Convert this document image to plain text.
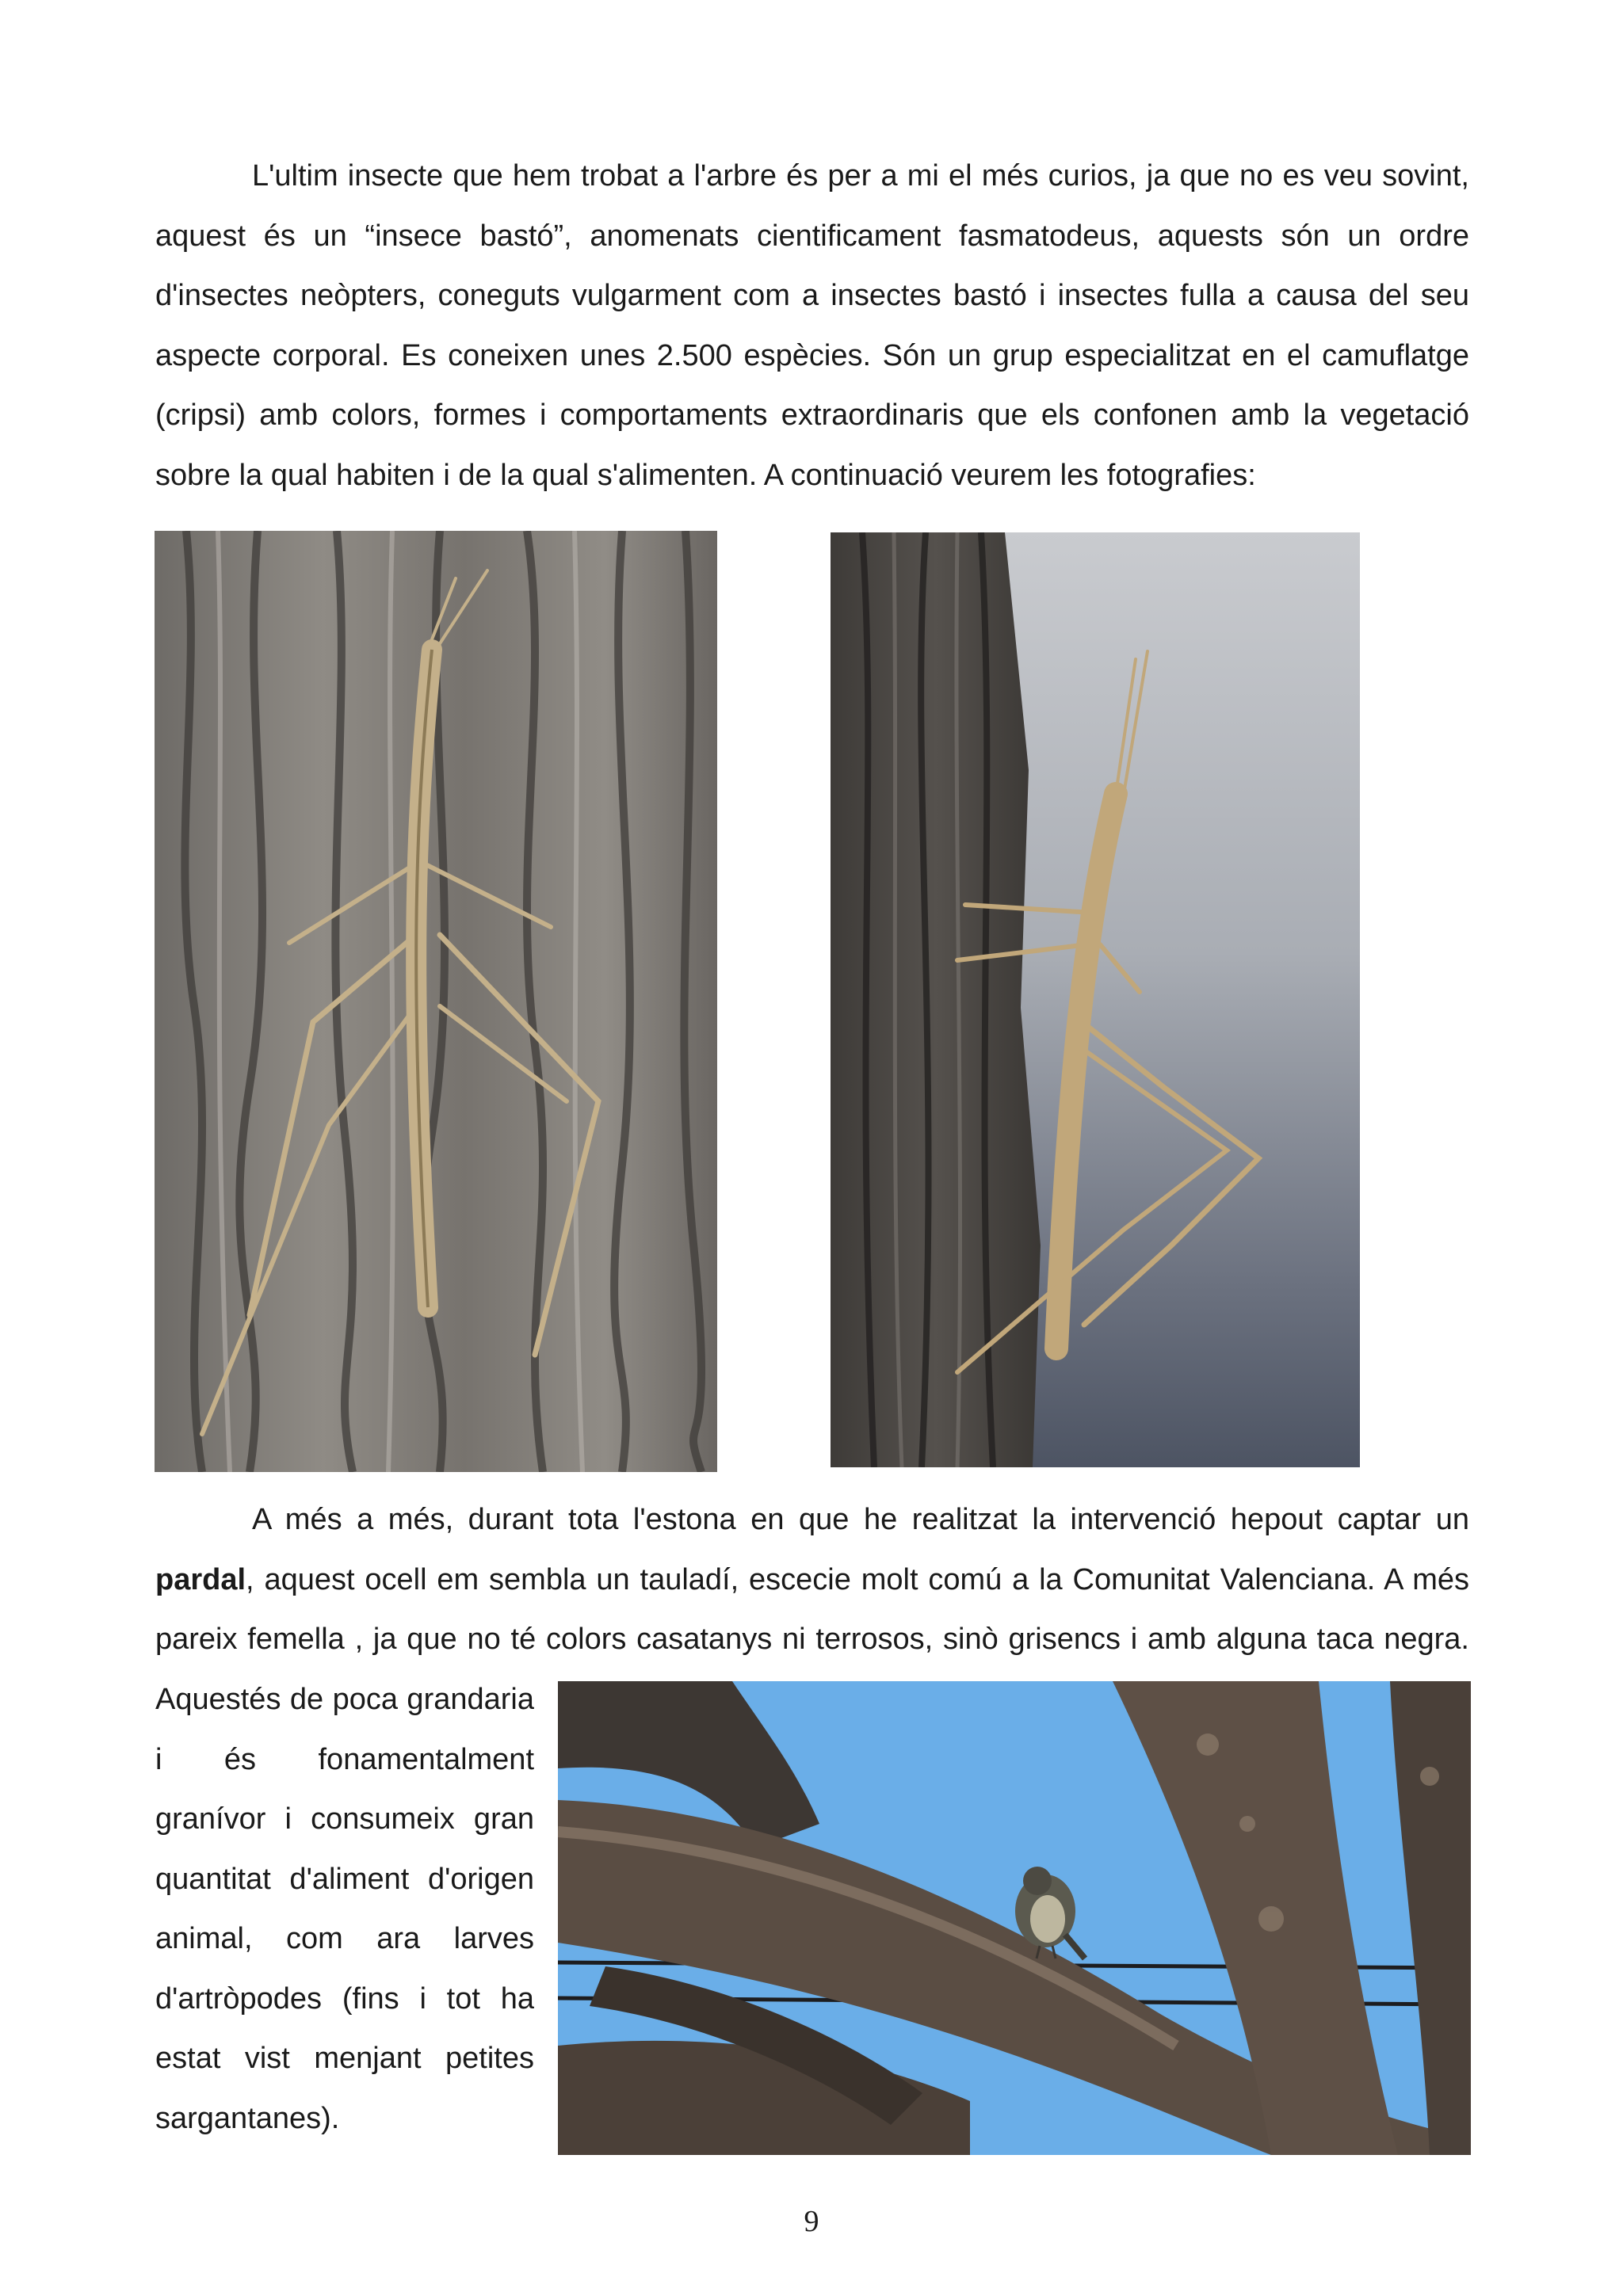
L'ultim insecte que hem trobat a l'arbre és per a mi el més curios, ja que no es veu sovint,
aquest és un “insece bastó”, anomenats cientificament fasmatodeus, aquests són un ordre
d'insectes neòpters, coneguts vulgarment com a insectes bastó i insectes fulla a causa del seu
aspecte corporal. Es coneixen unes 2.500 espècies. Són un grup especialitzat en el camuflatge
(cripsi) amb colors, formes i comportaments extraordinaris que els confonen amb la vegetació
sobre la qual habiten i de la qual s'alimenten. A continuació veurem les fotografies:

A més a més, durant tota l'estona en que he realitzat la intervenció hepout captar un
pardal, aquest ocell em sembla un tauladí, escecie molt comú a la Comunitat Valenciana. A més
pareix femella , ja que no té colors casatanys ni terrosos, sinò grisencs i amb alguna taca negra.

Aquestés de poca grandaria
i és fonamentalment
granívor i consumeix gran
quantitat d'aliment d'origen
animal, com ara larves
d'artròpodes (fins i tot ha
estat vist menjant petites
sargantanes).

9
